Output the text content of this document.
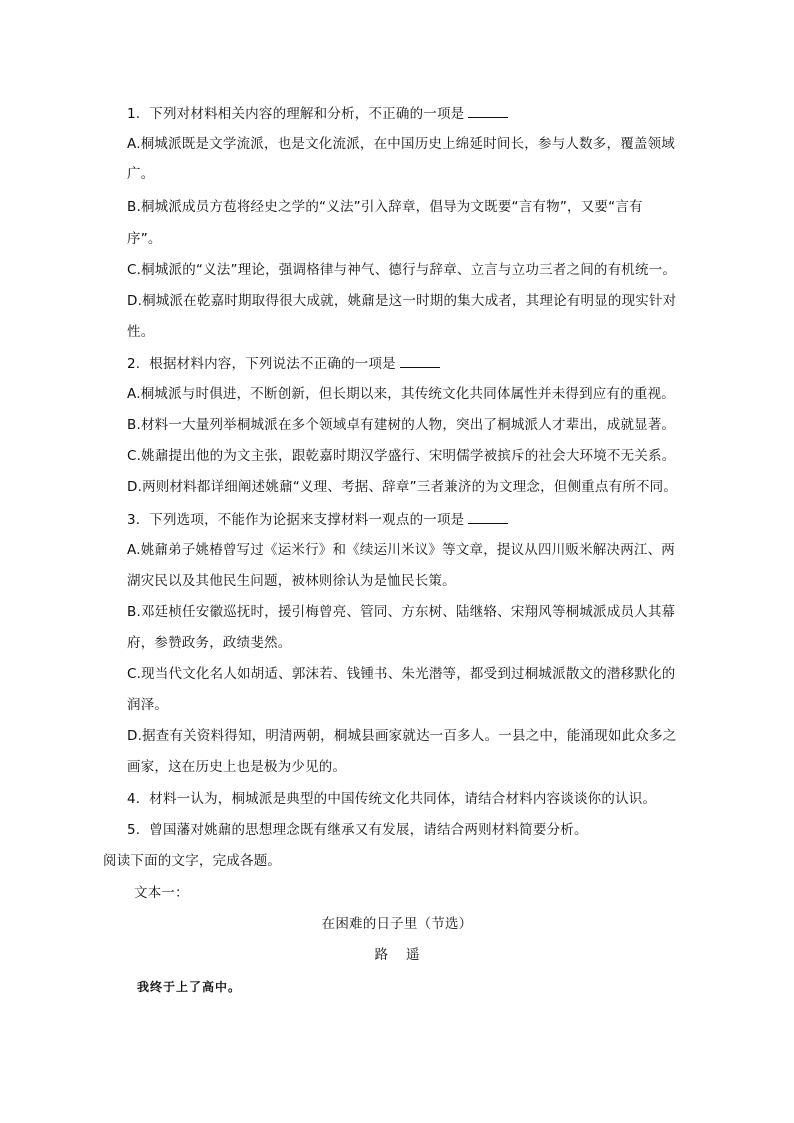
1. 下列对材料相关内容的理解和分析，不正确的一项是
A.桐城派既是文学流派，也是文化流派，在中国历史上绵延时间长，参与人数多，覆盖领域
广。
B.桐城派成员方苞将经史之学的“义法”引入辞章，倡导为文既要“言有物”，又要“言有
序”。
C.桐城派的“义法”理论，强调格律与神气、德行与辞章、立言与立功三者之间的有机统一。
D.桐城派在乾嘉时期取得很大成就，姚鼐是这一时期的集大成者，其理论有明显的现实针对
性。
2. 根据材料内容，下列说法不正确的一项是
A.桐城派与时俱进，不断创新，但长期以来，其传统文化共同体属性并未得到应有的重视。
B.材料一大量列举桐城派在多个领域卓有建树的人物，突出了桐城派人才辈出，成就显著。
C.姚鼐提出他的为文主张，跟乾嘉时期汉学盛行、宋明儒学被摈斥的社会大环境不无关系。
D.两则材料都详细阐述姚鼐“义理、考据、辞章”三者兼济的为文理念，但侧重点有所不同。
3. 下列选项，不能作为论据来支撑材料一观点的一项是
A.姚鼐弟子姚椿曾写过《运米行》和《续运川米议》等文章，提议从四川贩米解决两江、两
湖灾民以及其他民生问题，被林则徐认为是恤民长策。
B.邓廷桢任安徽巡抚时，援引梅曾亮、管同、方东树、陆继辂、宋翔风等桐城派成员人其幕
府，参赞政务，政绩斐然。
C.现当代文化名人如胡适、郭沫若、钱锺书、朱光潜等，都受到过桐城派散文的潜移默化的
润泽。
D.据查有关资料得知，明清两朝，桐城县画家就达一百多人。一县之中，能涌现如此众多之
画家，这在历史上也是极为少见的。
4. 材料一认为，桐城派是典型的中国传统文化共同体，请结合材料内容谈谈你的认识。
5. 曾国藩对姚鼐的思想理念既有继承又有发展，请结合两则材料简要分析。
阅读下面的文字，完成各题。
文本一：
在困难的日子里（节选）
路遥
我终于上了高中。
